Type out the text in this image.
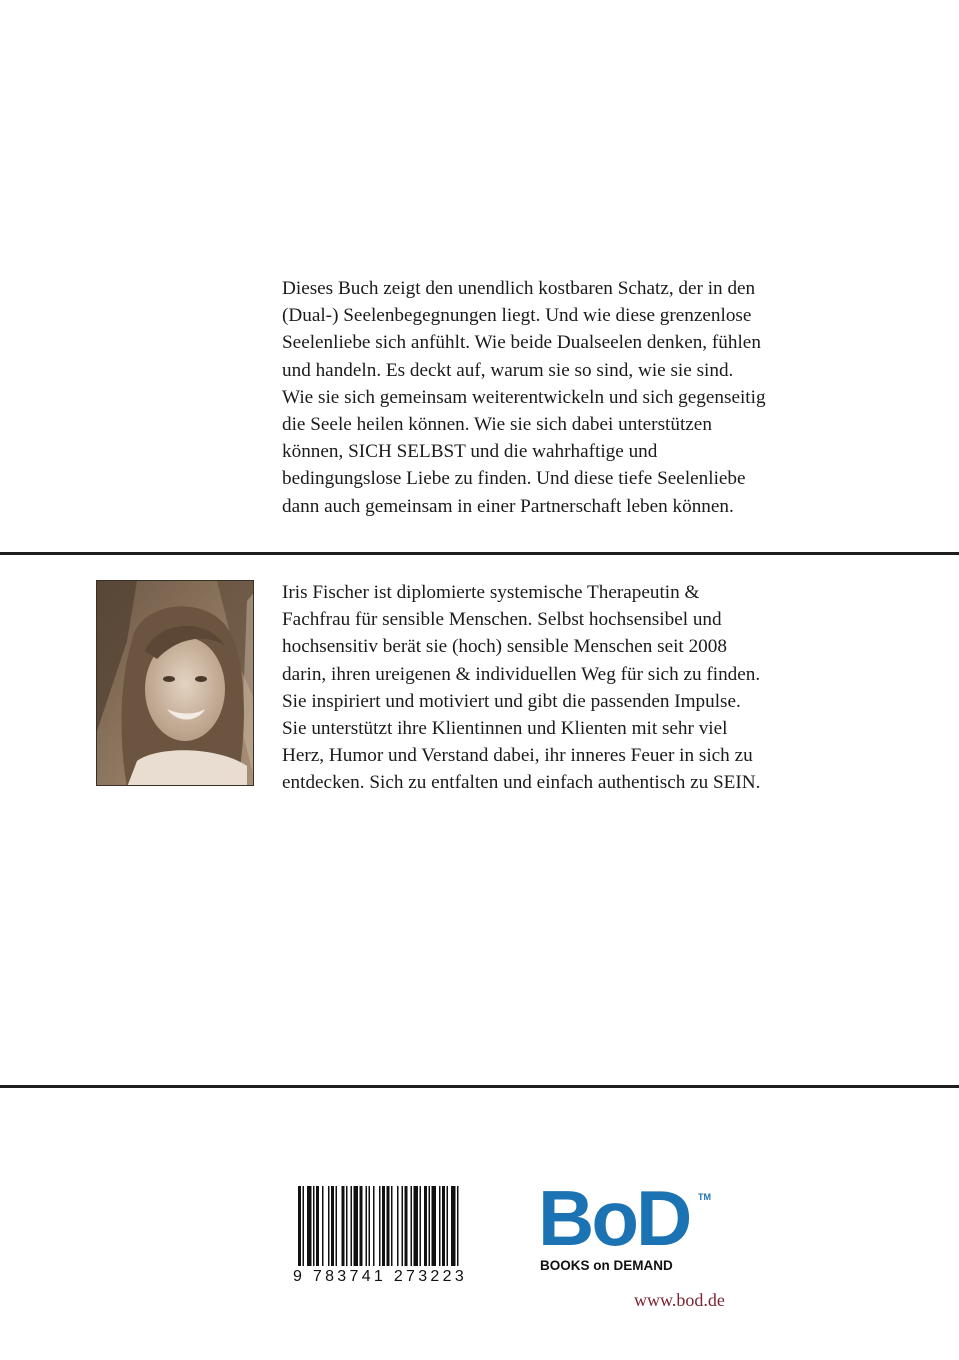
Dieses Buch zeigt den unendlich kostbaren Schatz, der in den
(Dual-) Seelenbegegnungen liegt. Und wie diese grenzenlose
Seelenliebe sich anfühlt. Wie beide Dualseelen denken, fühlen
und handeln. Es deckt auf, warum sie so sind, wie sie sind.
Wie sie sich gemeinsam weiterentwickeln und sich gegenseitig
die Seele heilen können. Wie sie sich dabei unterstützen
können, SICH SELBST und die wahrhaftige und
bedingungslose Liebe zu finden. Und diese tiefe Seelenliebe
dann auch gemeinsam in einer Partnerschaft leben können.
Iris Fischer ist diplomierte systemische Therapeutin &
Fachfrau für sensible Menschen. Selbst hochsensibel und
hochsensitiv berät sie (hoch) sensible Menschen seit 2008
darin, ihren ureigenen & individuellen Weg für sich zu finden.
Sie inspiriert und motiviert und gibt die passenden Impulse.
Sie unterstützt ihre Klientinnen und Klienten mit sehr viel
Herz, Humor und Verstand dabei, ihr inneres Feuer in sich zu
entdecken. Sich zu entfalten und einfach authentisch zu SEIN.
9 783741 273223
BoD TM
BOOKS on DEMAND
www.bod.de
